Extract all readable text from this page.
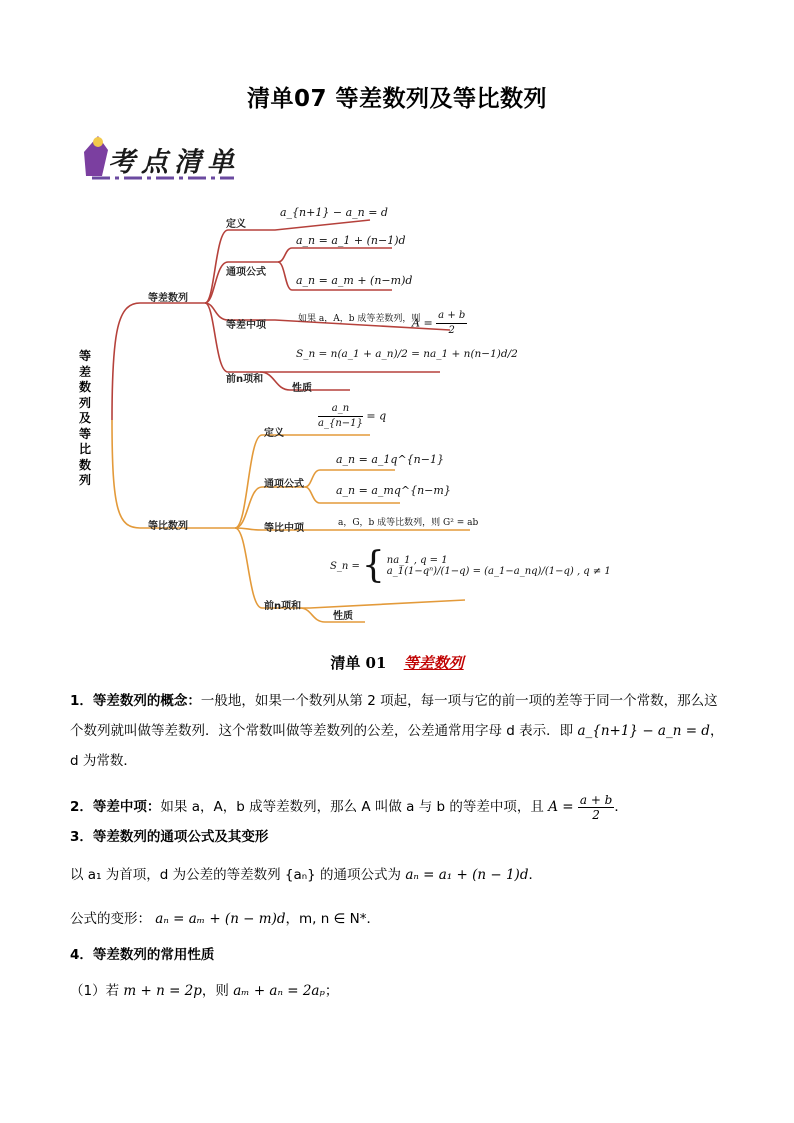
清单07 等差数列及等比数列
考点清单
等差数列及等比数列
等差数列
定义
a_{n+1} − a_n = d
通项公式
a_n = a_1 + (n−1)d
a_n = a_m + (n−m)d
等差中项
如果 a，A，b 成等差数列，则
$A = \frac{a + b}{2}$
S_n = n(a_1 + a_n)/2 = na_1 + n(n−1)d/2
前n项和
性质
等比数列
定义
$\frac{a\_n}{a\_\{n-1\}} = q$
通项公式
a_n = a_1q^{n−1}
a_n = a_mq^{n−m}
等比中项	a，G，b 成等比数列，则 G² = ab
S_n = { na_1 , q = 1
a_1(1−qⁿ)/(1−q) = (a_1−a_nq)/(1−q) , q ≠ 1
前n项和
性质
清单 01 等差数列
1．等差数列的概念：一般地，如果一个数列从第 2 项起，每一项与它的前一项的差等于同一个常数，那么这个数列就叫做等差数列．这个常数叫做等差数列的公差，公差通常用字母 d 表示．即 a_{n+1} − a_n = d，d 为常数．
2．等差中项：如果 a，A，b 成等差数列，那么 A 叫做 a 与 b 的等差中项，且 $A = \frac{a + b}{2}$ ．
3．等差数列的通项公式及其变形
以 a₁ 为首项，d 为公差的等差数列 {aₙ} 的通项公式为 aₙ = a₁ + (n − 1)d．
公式的变形： aₙ = aₘ + (n − m)d，m, n ∈ N*．
4．等差数列的常用性质
（1）若 m + n = 2p，则 aₘ + aₙ = 2aₚ；
